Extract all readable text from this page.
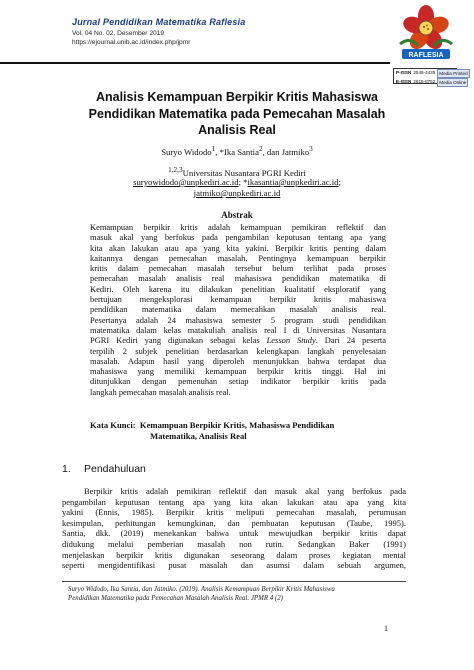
Jurnal Pendidikan Matematika Raflesia
Vol. 04 No. 02, Desember 2019
https://ejournal.unib.ac.id/index.php/jpmr
RAFLESIA
P-ISSN 2548-4435 Media Printed
E-ISSN 2615-8752 Media Online
Analisis Kemampuan Berpikir Kritis Mahasiswa
Pendidikan Matematika pada Pemecahan Masalah
Analisis Real
Suryo Widodo$^1$, *Ika Santia$^2$, dan Jatmiko$^3$
$^{1,2,3}$Universitas Nusantara PGRI Kediri
suryowidodo@unpkediri.ac.id; *ikasantia@unpkediri.ac.id;
jatmiko@unpkediri.ac.id
Abstrak
Kemampuan berpikir kritis adalah kemampuan pemikiran reflektif dan
masuk akal yang berfokus pada pengambilan keputusan tentang apa yang
kita akan lakukan atau apa yang kita yakini. Berpikir kritis penting dalam
kaitannya dengan pemecahan masalah. Pentingnya kemampuan berpikir
kritis dalam pemecahan masalah tersebut belum terlihat pada proses
pemecahan masalah analisis real mahasiswa pendidikan matematika di
Kediri. Oleh karena itu dilakukan penelitian kualitatif eksploratif yang
bertujuan mengeksplorasi kemampuan berpikir kritis mahasiswa
pendidikan matematika dalam memecahkan masalah analisis real.
Pesertanya adalah 24 mahasiswa semester 5 program studi pendidikan
matematika dalam kelas matakuliah analisis real I di Universitas Nusantara
PGRI Kediri yang digunakan sebagai kelas Lesson Study. Dari 24 peserta
terpilih 2 subjek penelitian berdasarkan kelengkapan langkah penyelesaian
masalah. Adapun hasil yang diperoleh menunjukkan bahwa terdapat dua
mahasiswa yang memiliki kemampuan berpikir kritis tinggi. Hal ini
ditunjukkan dengan pemenuhan setiap indikator berpikir kritis pada
langkah pemecahan masalah analisis real.
Kata Kunci: Kemampuan Berpikir Kritis, Mahasiswa Pendidikan
Matematika, Analisis Real
1. Pendahuluan
Berpikir kritis adalah pemikiran reflektif dan masuk akal yang berfokus pada
pengambilan keputusan tentang apa yang kita akan lakukan atau apa yang kita
yakini (Ennis, 1985). Berpikir kritis meliputi pemecahan masalah, perumusan
kesimpulan, perhitungan kemungkinan, dan pembuatan keputusan (Taube, 1995).
Santia, dkk. (2019) menekankan bahwa untuk mewujudkan berpikir kritis dapat
didukung melalui pemberian masalah non rutin. Sedangkan Baker (1991)
menjelaskan berpikir kritis digunakan seseorang dalam proses kegiatan mental
seperti mengidentifikasi pusat masalah dan asumsi dalam sebuah argumen,
Suryo Widodo, Ika Santia, dan Jatmiko. (2019). Analisis Kemampuan Berpikir Kritis Mahasiswa
Pendidikan Matematika pada Pemecahan Masalah Analisis Real. JPMR 4 (2)
1
